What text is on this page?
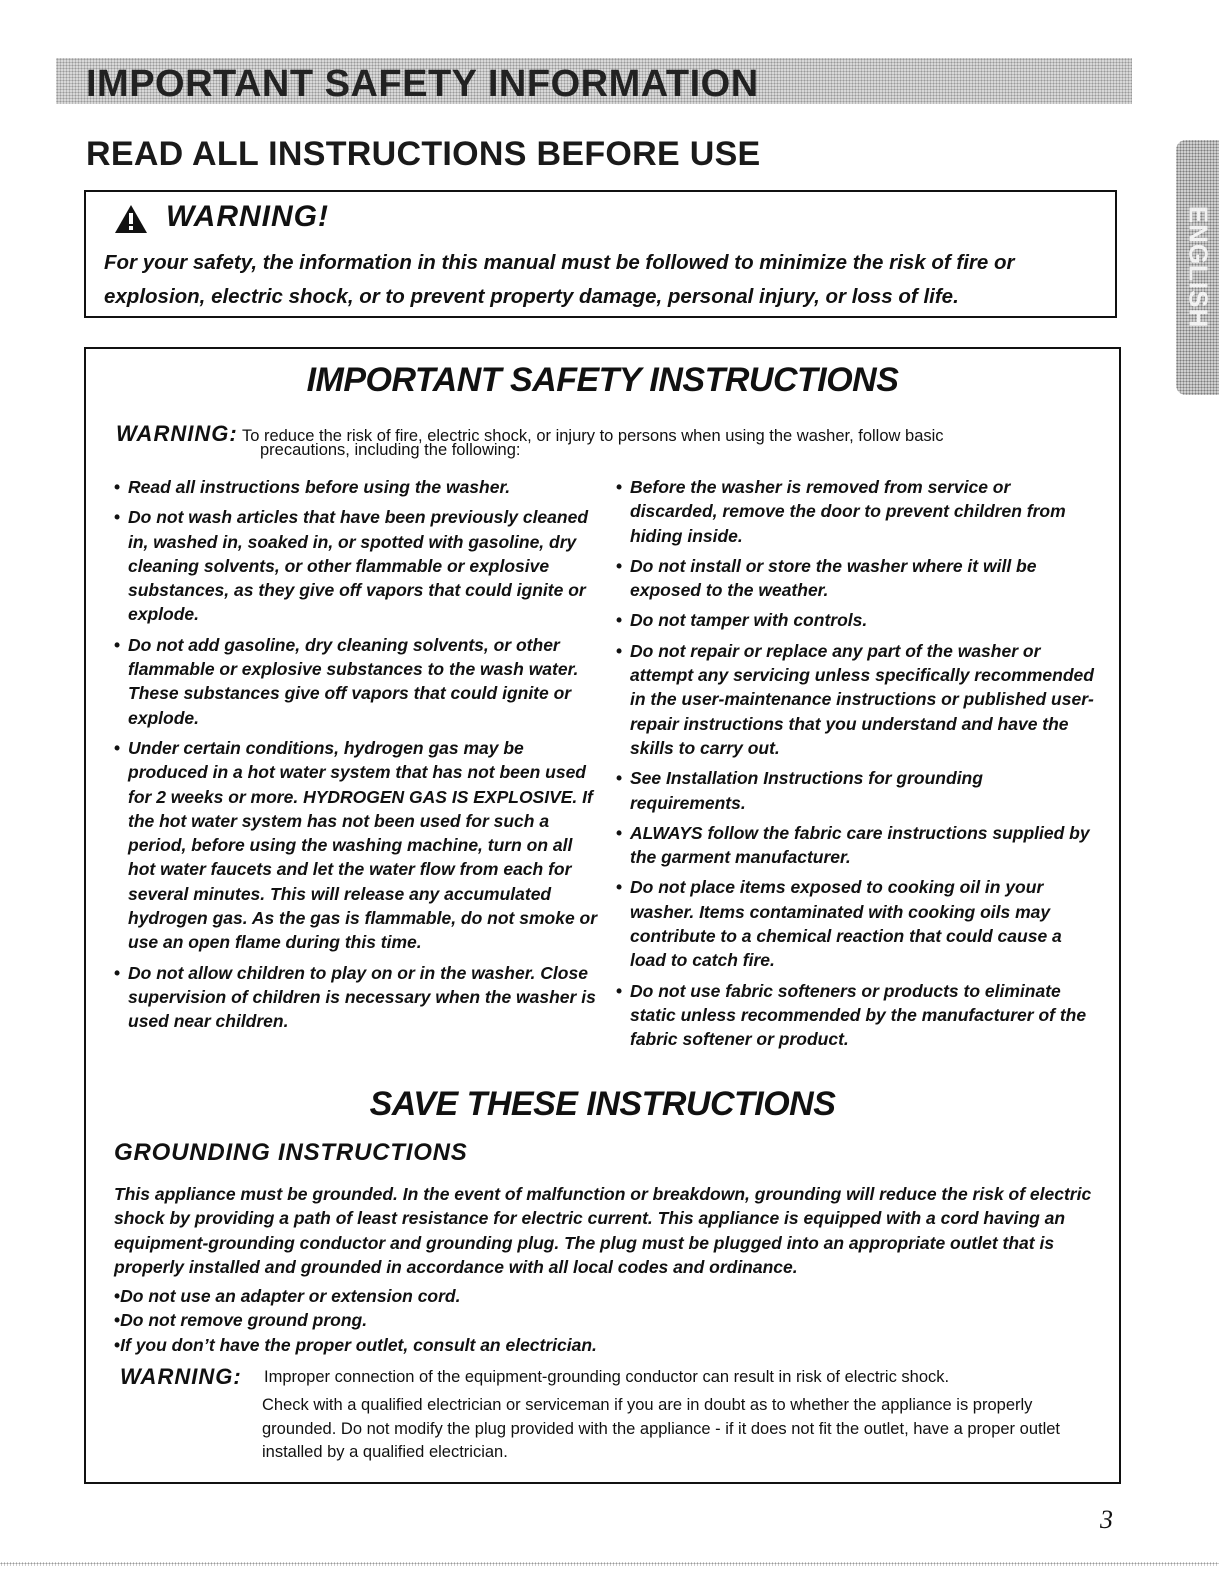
IMPORTANT SAFETY INFORMATION
READ ALL INSTRUCTIONS BEFORE USE
WARNING!

For your safety, the information in this manual must be followed to minimize the risk of fire or explosion, electric shock, or to prevent property damage, personal injury, or loss of life.	ENGLISH
IMPORTANT SAFETY INSTRUCTIONS
WARNING: To reduce the risk of fire, electric shock, or injury to persons when using the washer, follow basic
precautions, including the following:
• Read all instructions before using the washer.
• Do not wash articles that have been previously cleaned in, washed in, soaked in, or spotted with gasoline, dry cleaning solvents, or other flammable or explosive substances, as they give off vapors that could ignite or explode.
• Do not add gasoline, dry cleaning solvents, or other flammable or explosive substances to the wash water. These substances give off vapors that could ignite or explode.
• Under certain conditions, hydrogen gas may be produced in a hot water system that has not been used for 2 weeks or more. HYDROGEN GAS IS EXPLOSIVE. If the hot water system has not been used for such a period, before using the washing machine, turn on all hot water faucets and let the water flow from each for several minutes. This will release any accumulated hydrogen gas. As the gas is flammable, do not smoke or use an open flame during this time.
• Do not allow children to play on or in the washer. Close supervision of children is necessary when the washer is used near children.
• Before the washer is removed from service or discarded, remove the door to prevent children from hiding inside.
• Do not install or store the washer where it will be exposed to the weather.
• Do not tamper with controls.
• Do not repair or replace any part of the washer or attempt any servicing unless specifically recommended in the user-maintenance instructions or published user-repair instructions that you understand and have the skills to carry out.
• See Installation Instructions for grounding requirements.
• ALWAYS follow the fabric care instructions supplied by the garment manufacturer.
• Do not place items exposed to cooking oil in your washer. Items contaminated with cooking oils may contribute to a chemical reaction that could cause a load to catch fire.
• Do not use fabric softeners or products to eliminate static unless recommended by the manufacturer of the fabric softener or product.
SAVE THESE INSTRUCTIONS
GROUNDING INSTRUCTIONS

This appliance must be grounded. In the event of malfunction or breakdown, grounding will reduce the risk of electric shock by providing a path of least resistance for electric current. This appliance is equipped with a cord having an equipment-grounding conductor and grounding plug. The plug must be plugged into an appropriate outlet that is properly installed and grounded in accordance with all local codes and ordinance.

• Do not use an adapter or extension cord.
• Do not remove ground prong.
• If you don’t have the proper outlet, consult an electrician.
WARNING: Improper connection of the equipment-grounding conductor can result in risk of electric shock.

Check with a qualified electrician or serviceman if you are in doubt as to whether the appliance is properly grounded. Do not modify the plug provided with the appliance - if it does not fit the outlet, have a proper outlet installed by a qualified electrician.

3
